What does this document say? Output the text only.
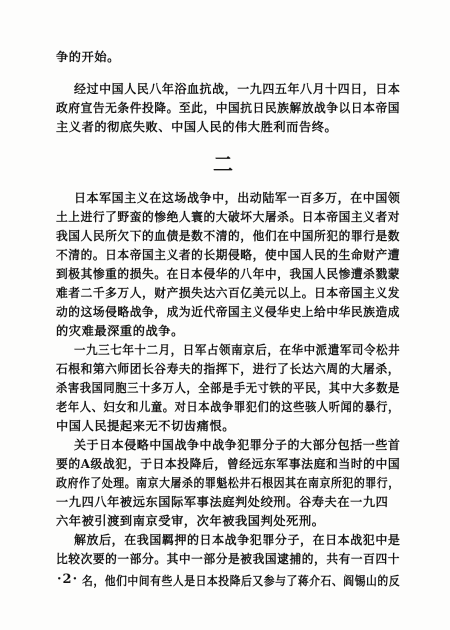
争的开始。
经过中国人民八年浴血抗战，一九四五年八月十四日，日本
政府宣告无条件投降。至此，中国抗日民族解放战争以日本帝国
主义者的彻底失败、中国人民的伟大胜利而告终。
二
日本军国主义在这场战争中，出动陆军一百多万，在中国领
土上进行了野蛮的惨绝人寰的大破坏大屠杀。日本帝国主义者对
我国人民所欠下的血债是数不清的，他们在中国所犯的罪行是数
不清的。日本帝国主义者的长期侵略，使中国人民的生命财产遭
到极其惨重的损失。在日本侵华的八年中，我国人民惨遭杀戮蒙
难者二千多万人，财产损失达六百亿美元以上。日本帝国主义发
动的这场侵略战争，成为近代帝国主义侵华史上给中华民族造成
的灾难最深重的战争。
一九三七年十二月，日军占领南京后，在华中派遣军司令松井
石根和第六师团长谷寿夫的指挥下，进行了长达六周的大屠杀，
杀害我国同胞三十多万人，全部是手无寸铁的平民，其中大多数是
老年人、妇女和儿童。对日本战争罪犯们的这些骇人听闻的暴行，
中国人民提起来无不切齿痛恨。
关于日本侵略中国战争中战争犯罪分子的大部分包括一些首
要的A级战犯，于日本投降后，曾经远东军事法庭和当时的中国
政府作了处理。南京大屠杀的罪魁松井石根因其在南京所犯的罪行，
一九四八年被远东国际军事法庭判处绞刑。谷寿夫在一九四
六年被引渡到南京受审，次年被我国判处死刑。
解放后，在我国羁押的日本战争犯罪分子，在日本战犯中是
比较次要的一部分。其中一部分是被我国逮捕的，共有一百四十
名，他们中间有些人是日本投降后又参与了蒋介石、阎锡山的反
·2·
